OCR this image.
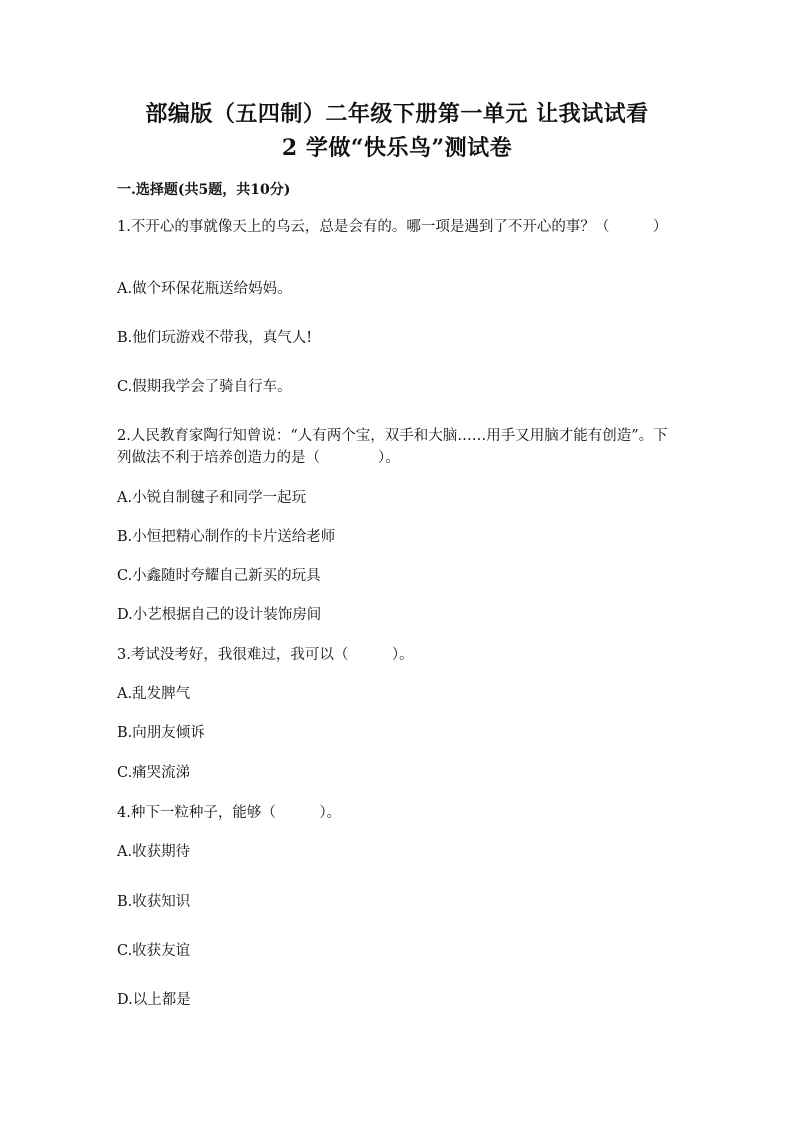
部编版（五四制）二年级下册第一单元 让我试试看
2 学做“快乐鸟”测试卷
一.选择题(共5题，共10分)
1.不开心的事就像天上的乌云，总是会有的。哪一项是遇到了不开心的事？（　　　）
A.做个环保花瓶送给妈妈。
B.他们玩游戏不带我，真气人!
C.假期我学会了骑自行车。
2.人民教育家陶行知曾说：“人有两个宝，双手和大脑……用手又用脑才能有创造”。下列做法不利于培养创造力的是（　　　　）。
A.小锐自制毽子和同学一起玩
B.小恒把精心制作的卡片送给老师
C.小鑫随时夸耀自己新买的玩具
D.小艺根据自己的设计装饰房间
3.考试没考好，我很难过，我可以（　　　）。
A.乱发脾气
B.向朋友倾诉
C.痛哭流涕
4.种下一粒种子，能够（　　　）。
A.收获期待
B.收获知识
C.收获友谊
D.以上都是
